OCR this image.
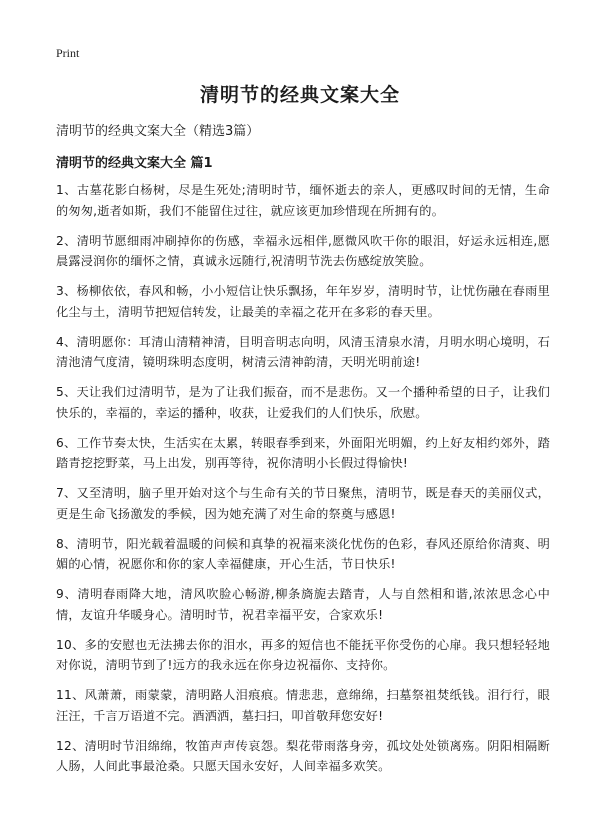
Print
清明节的经典文案大全

清明节的经典文案大全（精选3篇）

清明节的经典文案大全 篇1
1、古墓花影白杨树，尽是生死处;清明时节，缅怀逝去的亲人，更感叹时间的无情，生命的匆匆,逝者如斯，我们不能留住过往，就应该更加珍惜现在所拥有的。
2、清明节愿细雨冲刷掉你的伤感，幸福永远相伴,愿微风吹干你的眼泪，好运永远相连,愿晨露浸润你的缅怀之情，真诚永远随行,祝清明节洗去伤感绽放笑脸。
3、杨柳依依，春风和畅，小小短信让快乐飘扬，年年岁岁，清明时节，让忧伤融在春雨里化尘与土，清明节把短信转发，让最美的幸福之花开在多彩的春天里。
4、清明愿你：耳清山清精神清，目明音明志向明，风清玉清泉水清，月明水明心境明，石清池清气度清，镜明珠明态度明，树清云清神韵清，天明光明前途!
5、天让我们过清明节，是为了让我们振奋，而不是悲伤。又一个播种希望的日子，让我们快乐的，幸福的，幸运的播种，收获，让爱我们的人们快乐，欣慰。
6、工作节奏太快，生活实在太累，转眼春季到来，外面阳光明媚，约上好友相约郊外，踏踏青挖挖野菜，马上出发，别再等待，祝你清明小长假过得愉快!
7、又至清明，脑子里开始对这个与生命有关的节日聚焦，清明节，既是春天的美丽仪式，更是生命飞扬激发的季候，因为她充满了对生命的祭奠与感恩!
8、清明节，阳光载着温暖的问候和真挚的祝福来淡化忧伤的色彩，春风还原给你清爽、明媚的心情，祝愿你和你的家人幸福健康，开心生活，节日快乐!
9、清明春雨降大地，清风吹脸心畅游,柳条旖旎去踏青，人与自然相和谐,浓浓思念心中情，友谊升华暖身心。清明时节，祝君幸福平安，合家欢乐!
10、多的安慰也无法拂去你的泪水，再多的短信也不能抚平你受伤的心扉。我只想轻轻地对你说，清明节到了!远方的我永远在你身边祝福你、支持你。
11、风萧萧，雨蒙蒙，清明路人泪痕痕。情悲悲，意绵绵，扫墓祭祖焚纸钱。泪行行，眼汪汪，千言万语道不完。酒洒洒，墓扫扫，叩首敬拜您安好!
12、清明时节泪绵绵，牧笛声声传哀怨。梨花带雨落身旁，孤坟处处锁离殇。阴阳相隔断人肠，人间此事最沧桑。只愿天国永安好，人间幸福多欢笑。
